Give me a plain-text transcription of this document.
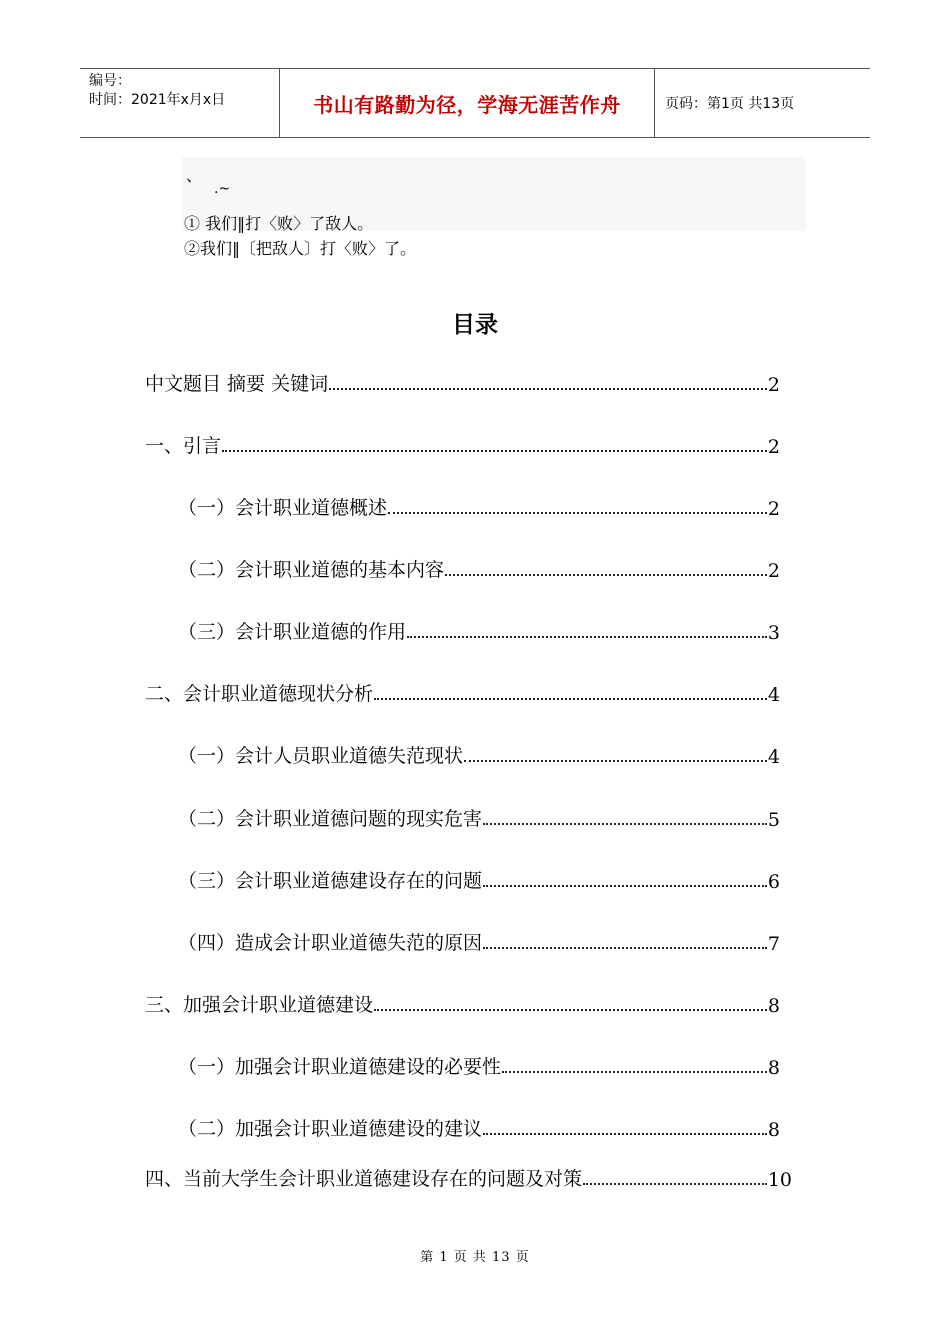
编号：
时间：2021年x月x日	书山有路勤为径，学海无涯苦作舟	页码：第1页 共13页
、
.~
① 我们‖打〈败〉了敌人。
②我们‖〔把敌人〕打〈败〉了。
目录
中文题目 摘要 关键词	2
一、引言	2
（一）会计职业道德概述	2
（二）会计职业道德的基本内容	2
（三）会计职业道德的作用	3
二、会计职业道德现状分析	4
（一）会计人员职业道德失范现状	4
（二）会计职业道德问题的现实危害	5
（三）会计职业道德建设存在的问题	6
（四）造成会计职业道德失范的原因	7
三、加强会计职业道德建设	8
（一）加强会计职业道德建设的必要性	8
（二）加强会计职业道德建设的建议	8
四、当前大学生会计职业道德建设存在的问题及对策	10
第 1 页 共 13 页
